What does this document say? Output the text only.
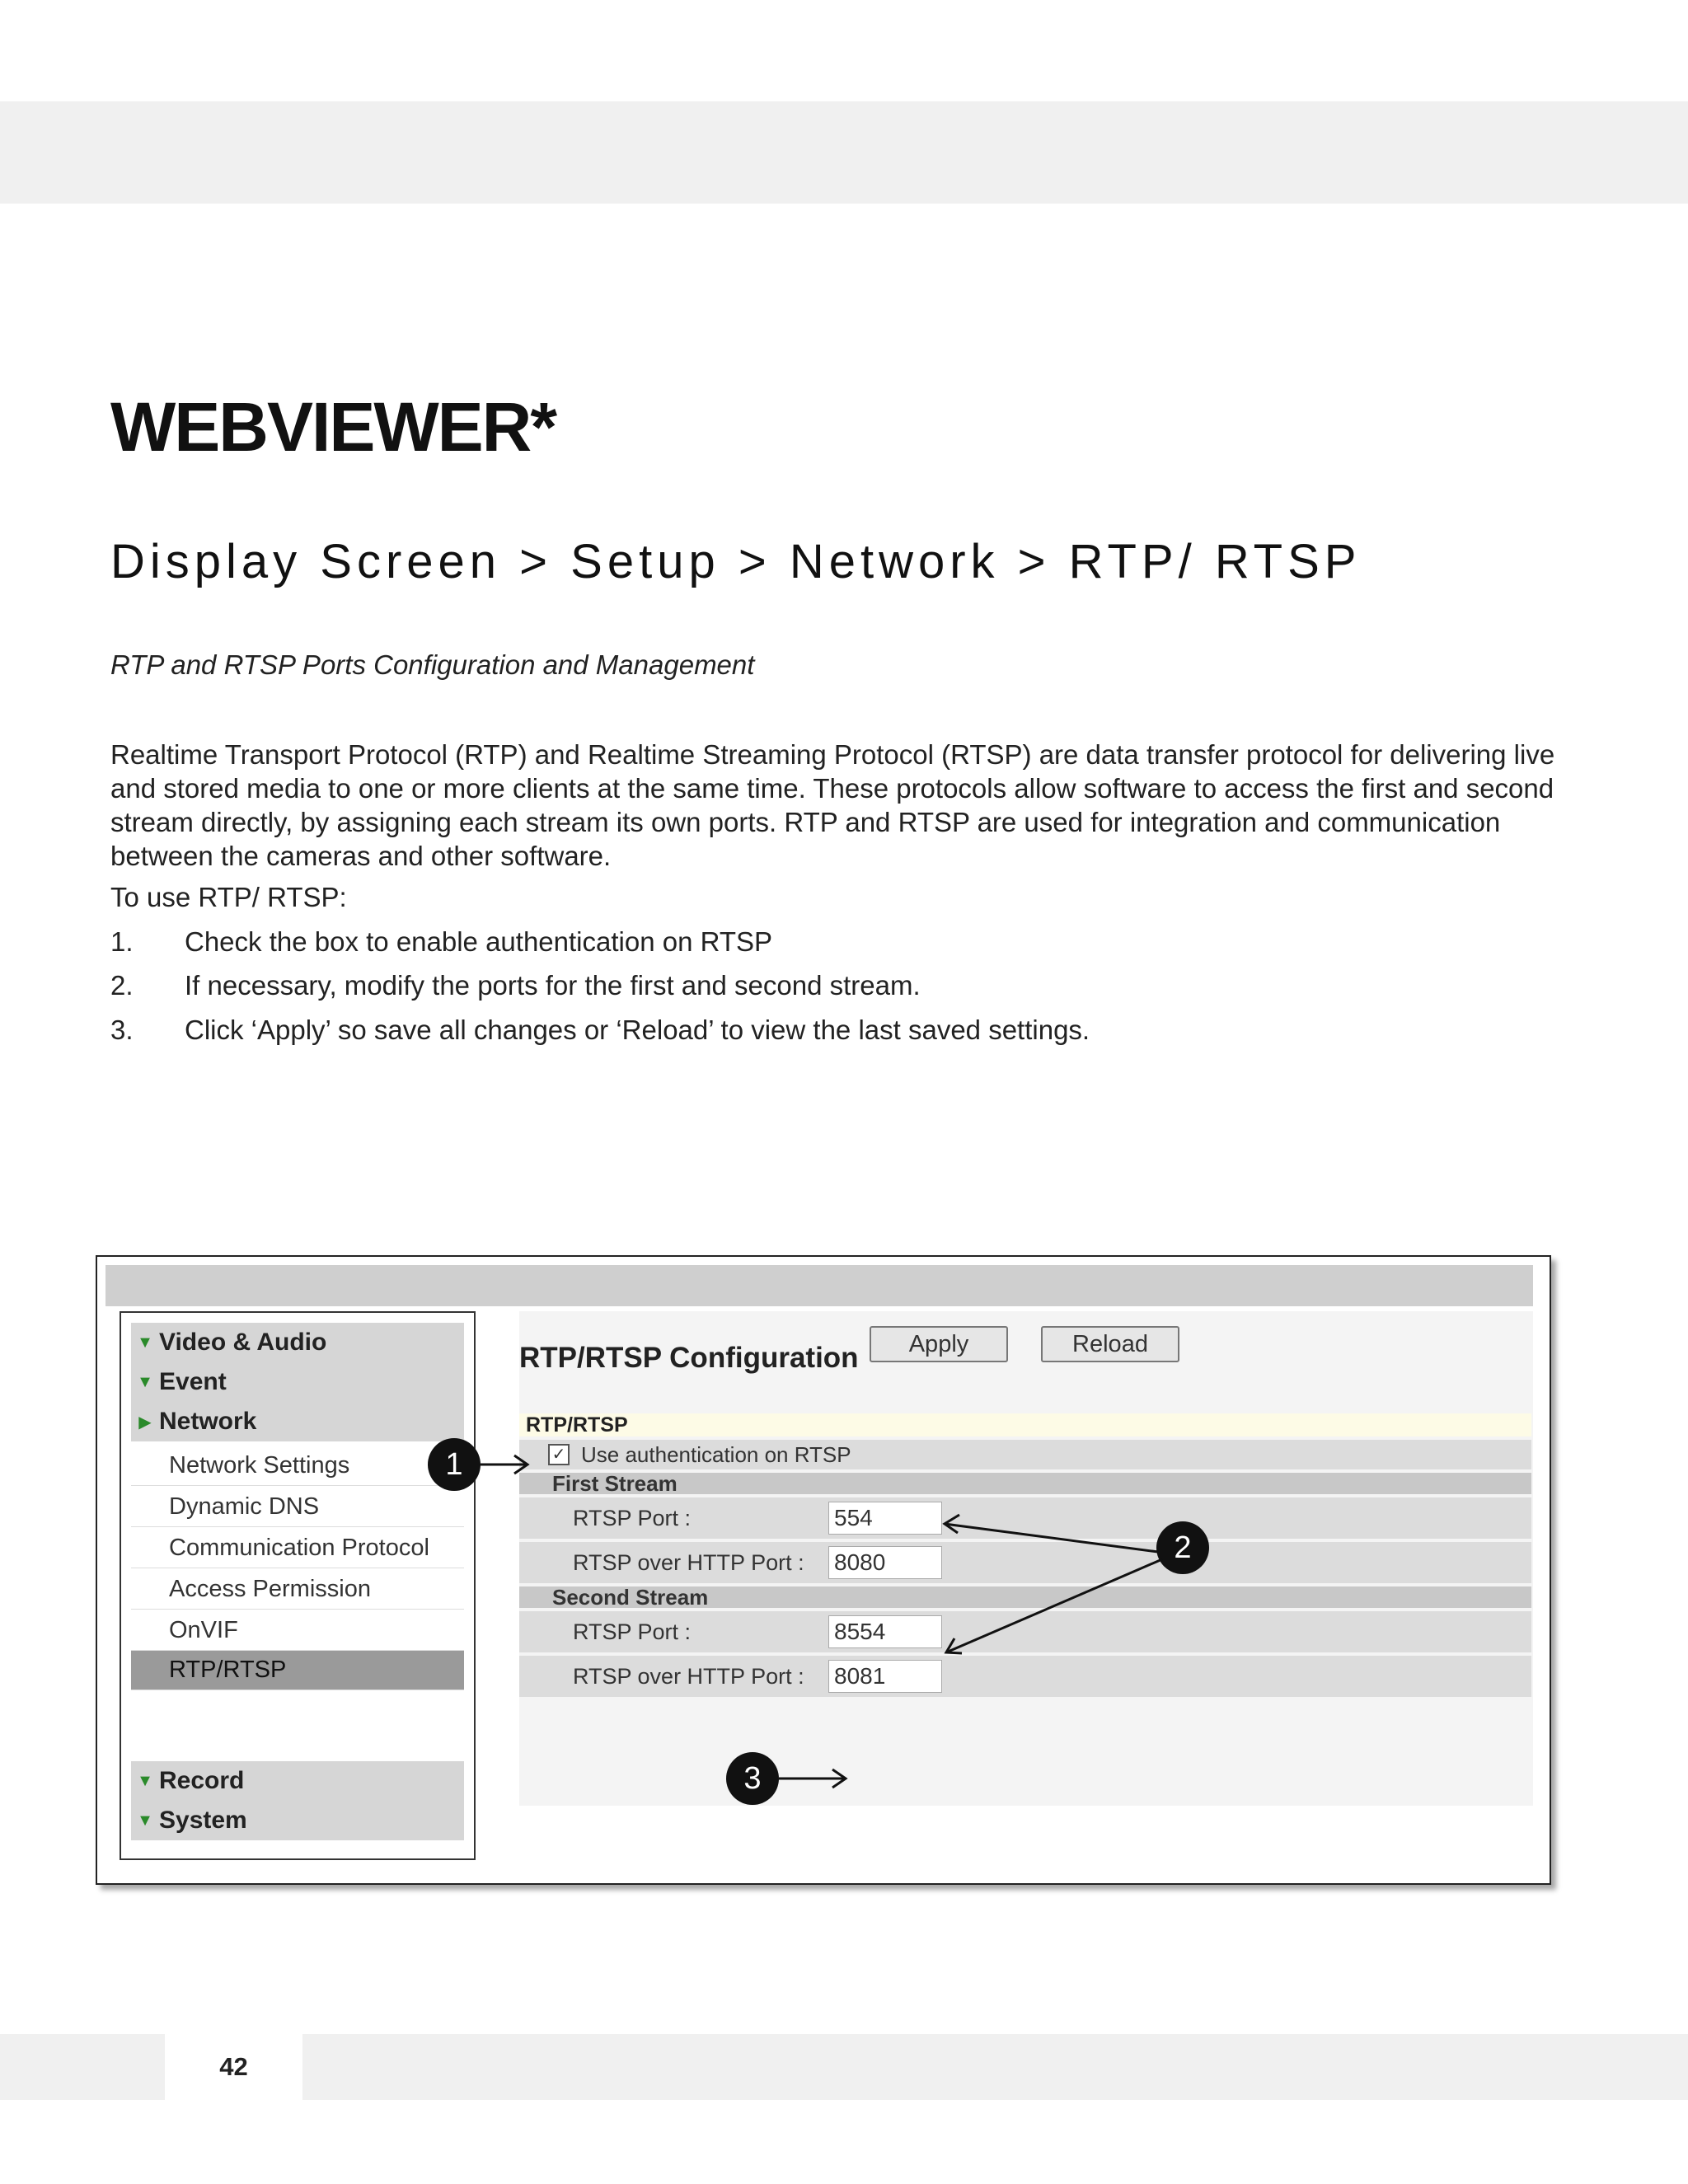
WEBVIEWER*
Display Screen > Setup > Network > RTP/ RTSP
RTP and RTSP Ports Configuration and Management
Realtime Transport Protocol (RTP) and Realtime Streaming Protocol (RTSP) are data transfer protocol for delivering live and stored media to one or more clients at the same time. These protocols allow software to access the first and second stream directly, by assigning each stream its own ports. RTP and RTSP are used for integration and communication between the cameras and other software.
To use RTP/ RTSP:
1. Check the box to enable authentication on RTSP
2. If necessary, modify the ports for the first and second stream.
3. Click ‘Apply’ so save all changes or ‘Reload’ to view the last saved settings.
▼ Video & Audio
▼ Event
▶ Network
Network Settings
Dynamic DNS
Communication Protocol
Access Permission
OnVIF
RTP/RTSP
▼ Record
▼ System
RTP/RTSP Configuration
RTP/RTSP
✓ Use authentication on RTSP
First Stream
RTSP Port :
554
RTSP over HTTP Port :
8080
Second Stream
RTSP Port :
8554
RTSP over HTTP Port :
8081
Apply	Reload
1
2
3
42
